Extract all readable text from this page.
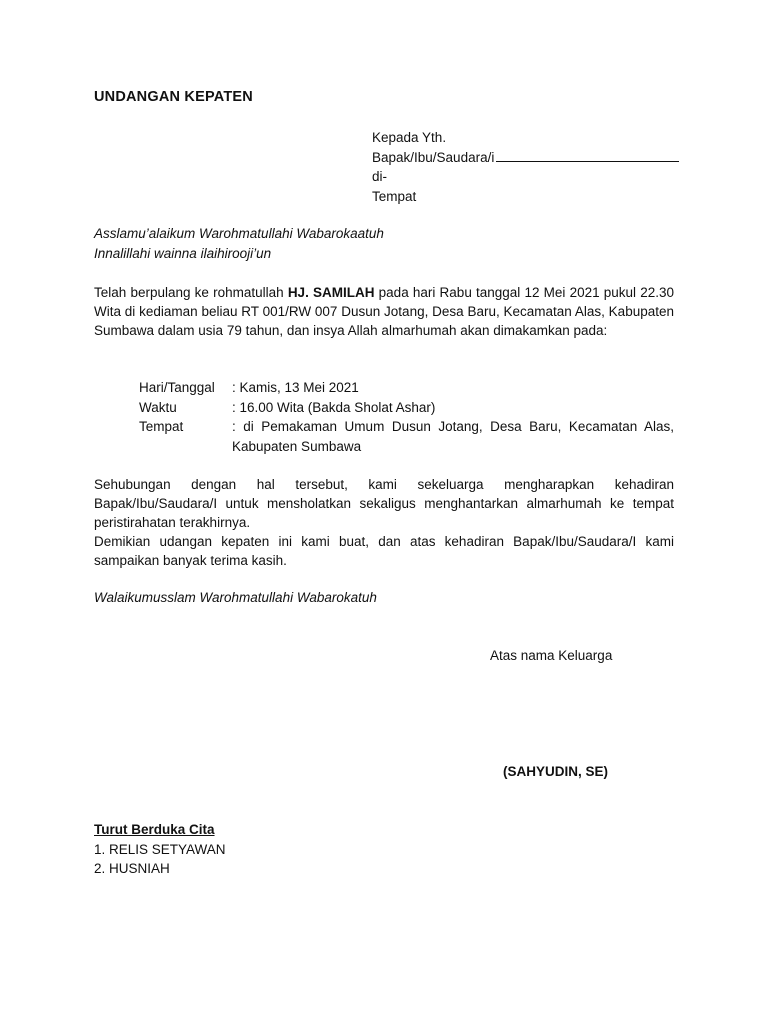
UNDANGAN KEPATEN
Kepada Yth.
Bapak/Ibu/Saudara/i
di-
Tempat
Asslamu’alaikum Warohmatullahi Wabarokaatuh
Innalillahi wainna ilaihirooji’un
Telah berpulang ke rohmatullah HJ. SAMILAH pada hari Rabu tanggal 12 Mei 2021 pukul 22.30 Wita di kediaman beliau RT 001/RW 007 Dusun Jotang, Desa Baru, Kecamatan Alas, Kabupaten Sumbawa dalam usia 79 tahun, dan insya Allah almarhumah akan dimakamkan pada:
Hari/Tanggal	: Kamis, 13 Mei 2021
Waktu	: 16.00 Wita (Bakda Sholat Ashar)
Tempat	: di Pemakaman Umum Dusun Jotang, Desa Baru, Kecamatan Alas, Kabupaten Sumbawa
Sehubungan dengan hal tersebut, kami sekeluarga mengharapkan kehadiran Bapak/Ibu/Saudara/I untuk mensholatkan sekaligus menghantarkan almarhumah ke tempat peristirahatan terakhirnya.
Demikian udangan kepaten ini kami buat, dan atas kehadiran Bapak/Ibu/Saudara/I kami sampaikan banyak terima kasih.
Walaikumusslam Warohmatullahi Wabarokatuh
Atas nama Keluarga
(SAHYUDIN, SE)
Turut Berduka Cita
1. RELIS SETYAWAN
2. HUSNIAH
